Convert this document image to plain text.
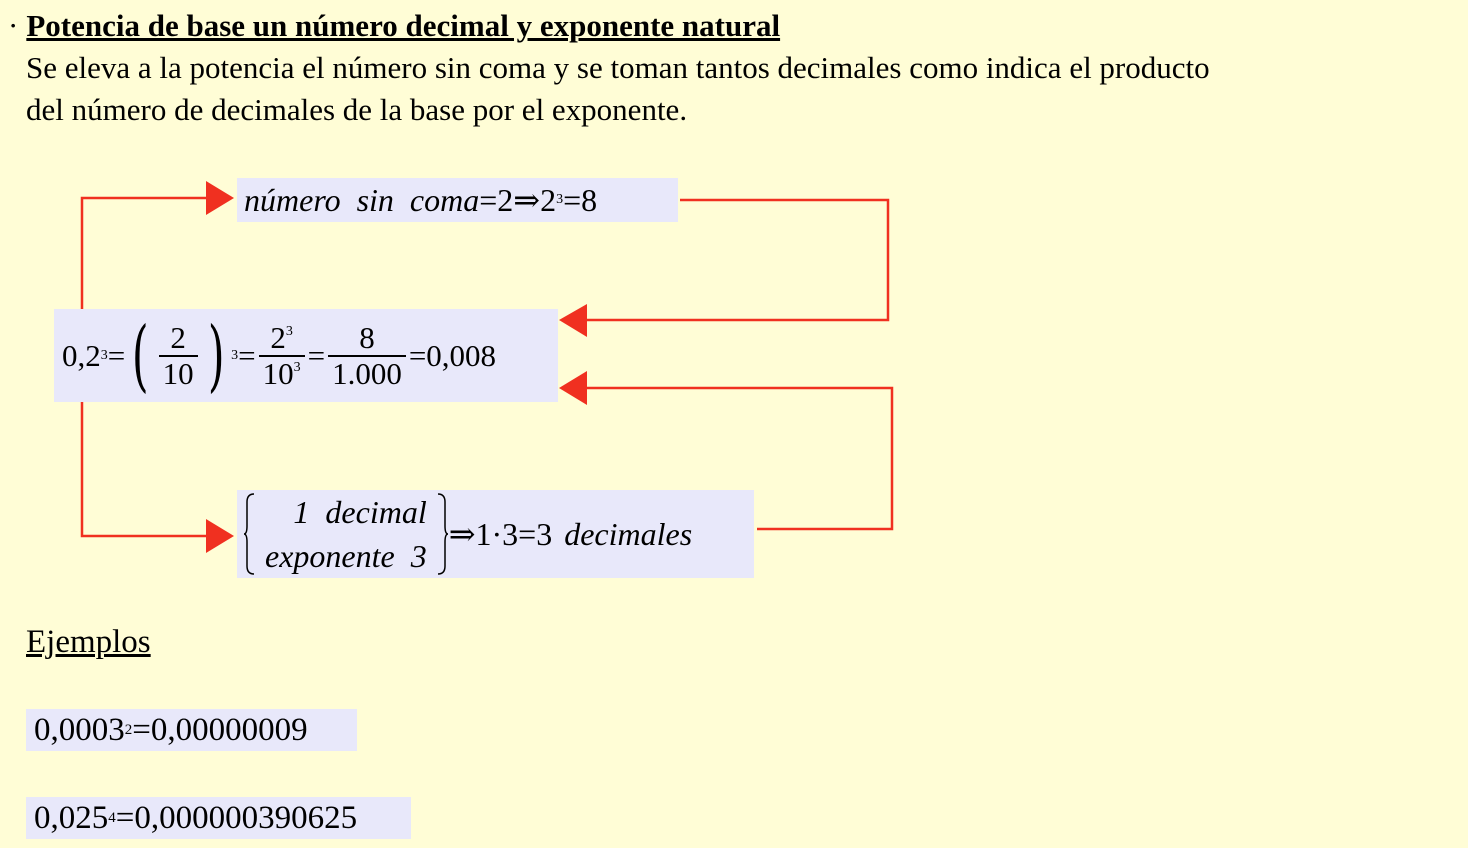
· Potencia de base un número decimal y exponente natural
Se eleva a la potencia el número sin coma y se toman tantos decimales como indica el producto
del número de decimales de la base por el exponente.
número  sin  coma =2⇒2 3 =8
0,2 3 = ( $\frac{2}{10}$ ) $3 = \frac{2^3}{10^3} = \frac{8}{1.000} =0,008$
1  decimal
exponente  3
⇒1·3=3 decimales
Ejemplos
0,0003 2 =0,00000009
0,025 4 =0,000000390625
